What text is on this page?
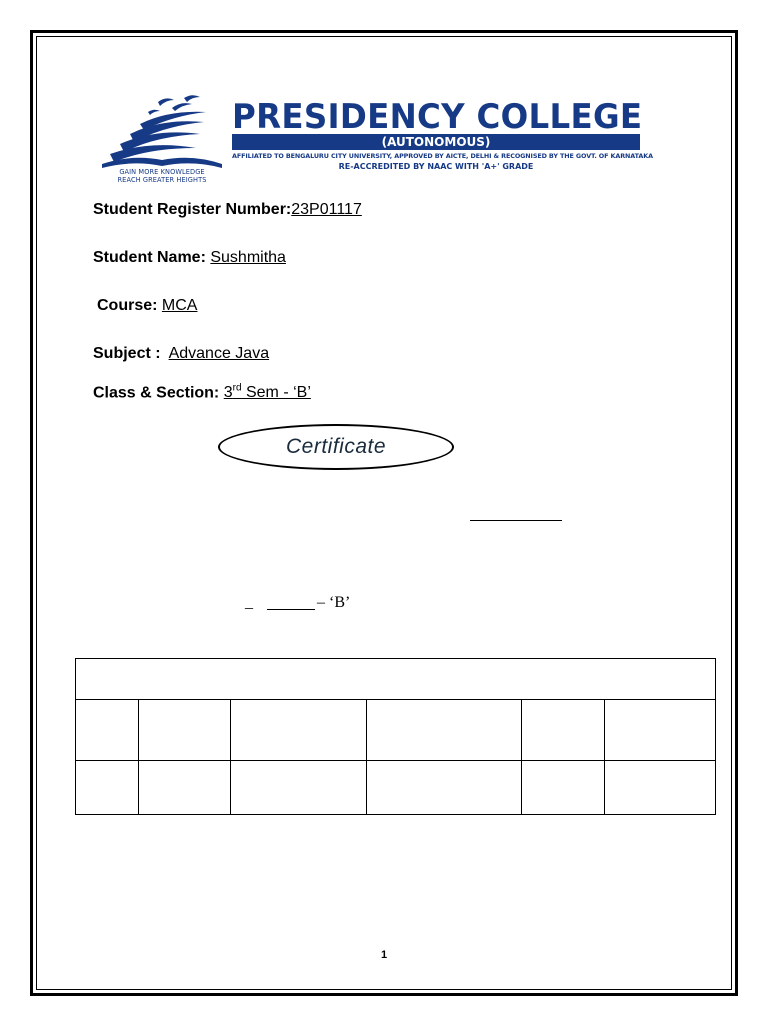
GAIN MORE KNOWLEDGE
REACH GREATER HEIGHTS
PRESIDENCY COLLEGE
(AUTONOMOUS)
AFFILIATED TO BENGALURU CITY UNIVERSITY, APPROVED BY AICTE, DELHI & RECOGNISED BY THE GOVT. OF KARNATAKA
RE-ACCREDITED BY NAAC WITH 'A+' GRADE
Student Register Number:23P01117
Student Name: Sushmitha
Course: MCA
Subject : Advance Java
Class & Section: 3rd Sem - ‘B’
Certificate
_	– ‘B’

1
